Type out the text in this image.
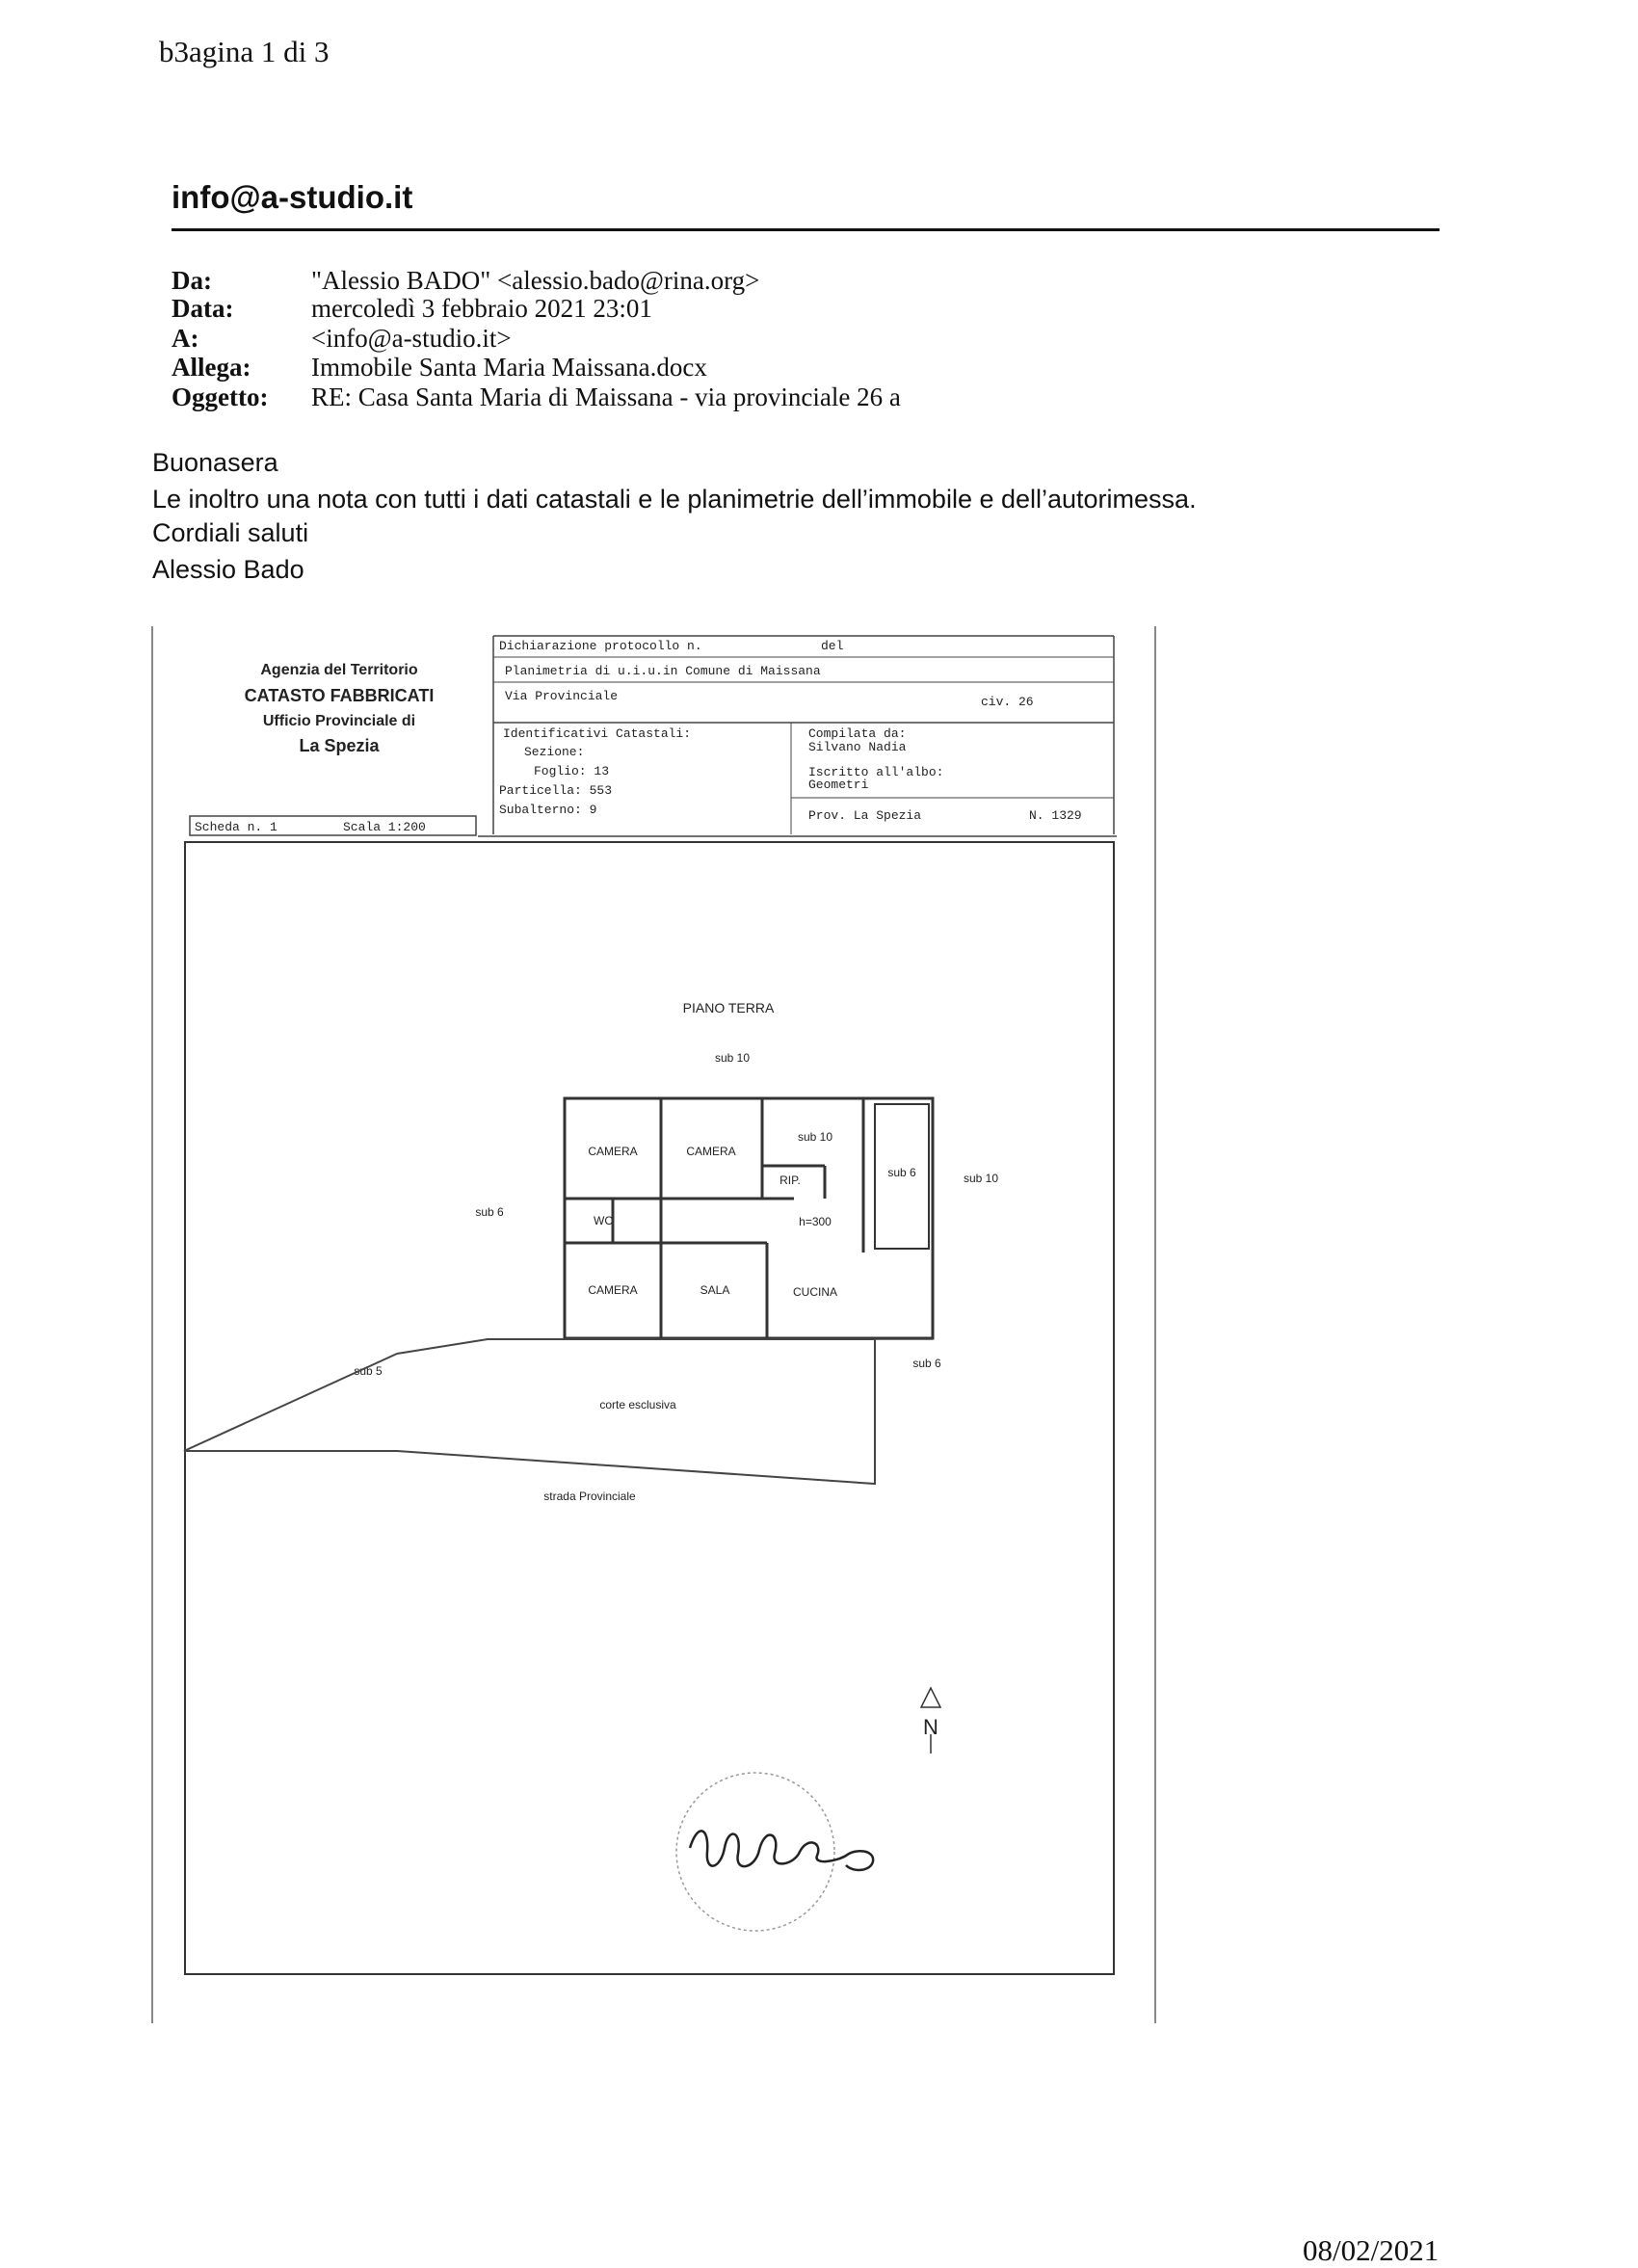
b3agina 1 di 3
info@a-studio.it
Da:	"Alessio BADO" <alessio.bado@rina.org>
Data:	mercoledì 3 febbraio 2021 23:01
A:	<info@a-studio.it>
Allega: Immobile Santa Maria Maissana.docx
Oggetto: RE: Casa Santa Maria di Maissana - via provinciale 26 a
Buonasera
Le inoltro una nota con tutti i dati catastali e le planimetrie dell’immobile e dell’autorimessa.
Cordiali saluti
Alessio Bado
Agenzia del Territorio
CATASTO FABBRICATI
Ufficio Provinciale di
La Spezia
Dichiarazione protocollo n.	del
Planimetria di u.i.u.in Comune di Maissana
Via Provinciale	civ. 26
Identificativi Catastali:
Sezione:
Foglio: 13
Particella: 553
Subalterno: 9
Compilata da:
Silvano Nadia
Iscritto all'albo:
Geometri
Prov. La Spezia	N. 1329
Scheda n. 1	Scala 1:200
PIANO TERRA
sub 10
sub 10
sub 6	sub 10
sub 6
sub 5
sub 6
corte esclusiva
strada Provinciale
CAMERA	CAMERA
WC
RIP.
h=300
CAMERA	SALA	CUCINA
N
08/02/2021
